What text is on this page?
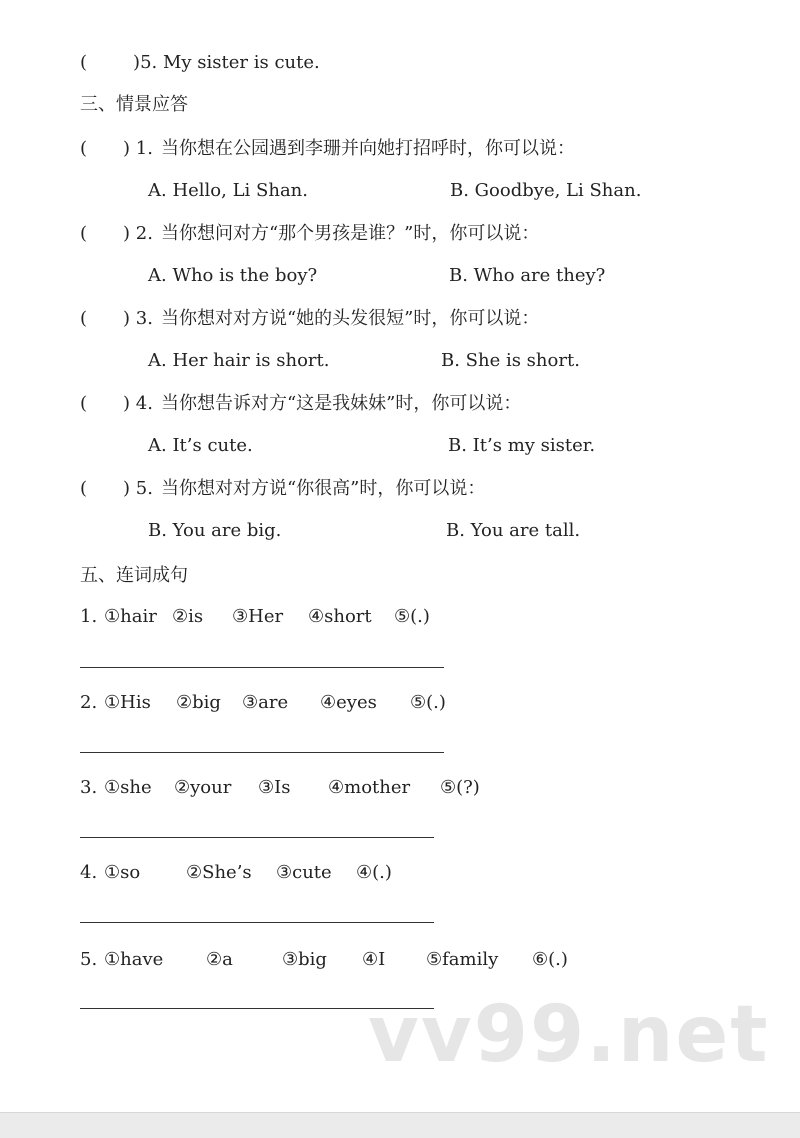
(	)5. My sister is cute.
三、情景应答
( ) 1. 当你想在公园遇到李珊并向她打招呼时，你可以说：
A. Hello, Li Shan.	B. Goodbye, Li Shan.
( ) 2. 当你想问对方“那个男孩是谁？”时，你可以说：
A. Who is the boy?	B. Who are they?
( ) 3. 当你想对对方说“她的头发很短”时，你可以说：
A. Her hair is short.	B. She is short.
( ) 4. 当你想告诉对方“这是我妹妹”时，你可以说：
A. It’s cute.	B. It’s my sister.
( ) 5. 当你想对对方说“你很高”时，你可以说：
B. You are big.	B. You are tall.
五、连词成句
1. ①hair ②is ③Her ④short ⑤(.)
2. ①His ②big ③are ④eyes ⑤(.)
3. ①she ②your ③Is ④mother ⑤(?)
4. ①so	②She’s ③cute ④(.)
5. ①have ②a	③big ④I ⑤family ⑥(.)
vv99.net
